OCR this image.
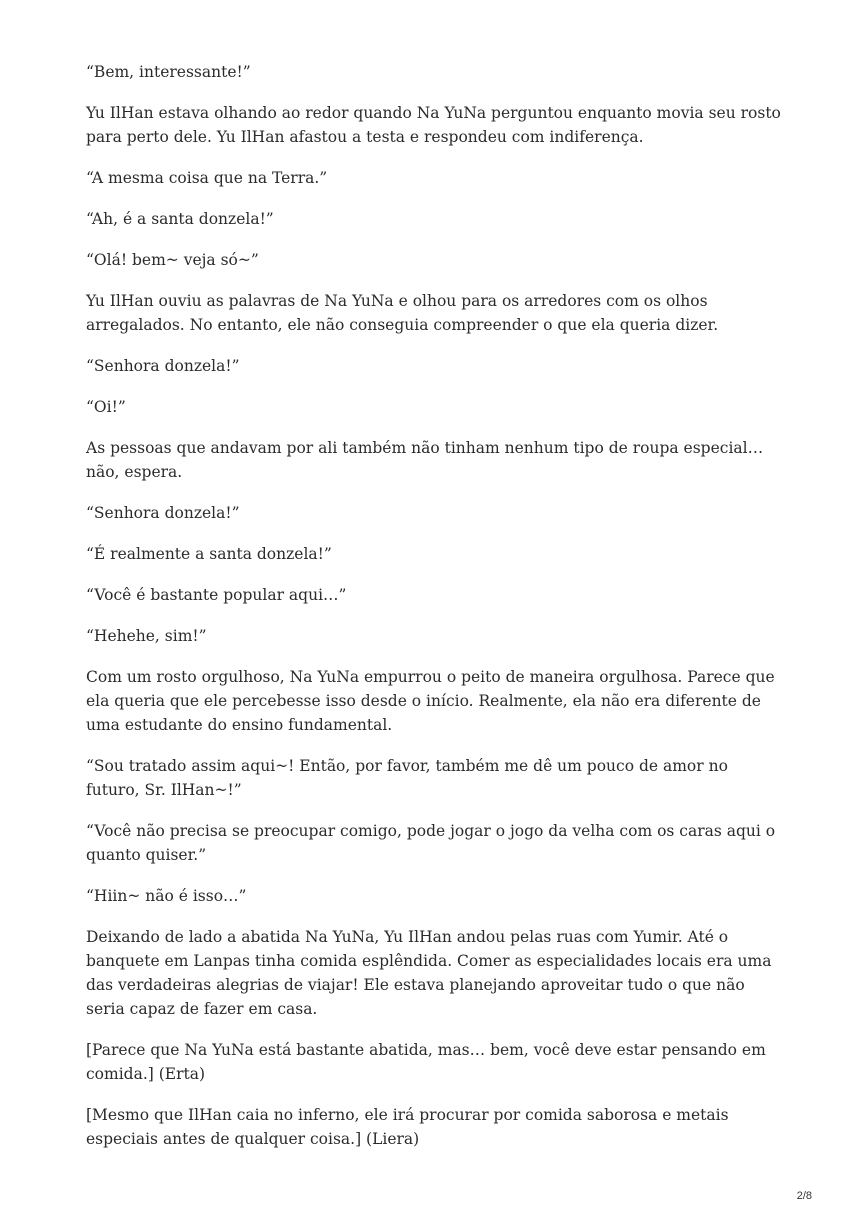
“Bem, interessante!”

Yu IlHan estava olhando ao redor quando Na YuNa perguntou enquanto movia seu rosto para perto dele. Yu IlHan afastou a testa e respondeu com indiferença.

“A mesma coisa que na Terra.”

“Ah, é a santa donzela!”

“Olá! bem~ veja só~”

Yu IlHan ouviu as palavras de Na YuNa e olhou para os arredores com os olhos arregalados. No entanto, ele não conseguia compreender o que ela queria dizer.

“Senhora donzela!”

“Oi!”

As pessoas que andavam por ali também não tinham nenhum tipo de roupa especial… não, espera.

“Senhora donzela!”

“É realmente a santa donzela!”

“Você é bastante popular aqui…”

“Hehehe, sim!”

Com um rosto orgulhoso, Na YuNa empurrou o peito de maneira orgulhosa. Parece que ela queria que ele percebesse isso desde o início. Realmente, ela não era diferente de uma estudante do ensino fundamental.

“Sou tratado assim aqui~! Então, por favor, também me dê um pouco de amor no futuro, Sr. IlHan~!”

“Você não precisa se preocupar comigo, pode jogar o jogo da velha com os caras aqui o quanto quiser.”

“Hiin~ não é isso…”

Deixando de lado a abatida Na YuNa, Yu IlHan andou pelas ruas com Yumir. Até o banquete em Lanpas tinha comida esplêndida. Comer as especialidades locais era uma das verdadeiras alegrias de viajar! Ele estava planejando aproveitar tudo o que não seria capaz de fazer em casa.

[Parece que Na YuNa está bastante abatida, mas… bem, você deve estar pensando em comida.] (Erta)

[Mesmo que IlHan caia no inferno, ele irá procurar por comida saborosa e metais especiais antes de qualquer coisa.] (Liera)

2/8
